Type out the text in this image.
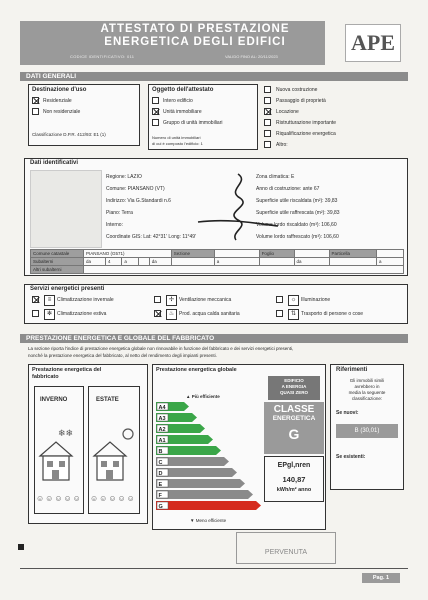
ATTESTATO DI PRESTAZIONE
ENERGETICA DEGLI EDIFICI
CODICE IDENTIFICATIVO: 011	VALIDO FINO AL: 20/11/2023
APE
DATI GENERALI
Destinazione d'uso
Residenziale
Non residenziale
Classificazione D.P.R. 412/93: E1 (1)
Oggetto dell'attestato
Intero edificio
Unità immobiliare
Gruppo di unità immobiliari
Numero di unità immobiliari
di cui è composto l'edificio: 1
Nuova costruzione
Passaggio di proprietà
Locazione
Ristrutturazione importante
Riqualificazione energetica
Altro:
Dati identificativi
Regione: LAZIO
Comune: PIANSANO (VT)
Indirizzo: Via G.Standardi n.6
Piano: Terra
Interno:
Coordinate GIS: Lat: 42°31' Long: 11°49'
Zona climatica: E
Anno di costruzione: ante 67
Superficie utile riscaldata (m²): 39,83
Superficie utile raffrescata (m²): 39,83
Volume lordo riscaldato (m³): 106,60
Volume lordo raffrescato (m³): 106,60
Comune catastale	PIANSANO (G571)					Sezione		Foglio		Particella	
Subalterni	da	4	a		da		a		da		a
Altri subalterni											
Servizi energetici presenti
≡	Climatizzazione invernale
✻ Climatizzazione estiva
✢ Ventilazione meccanica
♨ Prod. acqua calda sanitaria
☼ Illuminazione
⇅ Trasporto di persone o cose
PRESTAZIONE ENERGETICA E GLOBALE DEL FABBRICATO
La sezione riporta l'indice di prestazione energetica globale non rinnovabile in funzione del fabbricato e dei servizi energetici presenti,
nonché la prestazione energetica del fabbricato, al netto del rendimento degli impianti presenti.
Prestazione energetica del
fabbricato
INVERNO	ESTATE
❄❄
☺☺☺☺☺ ☺☺☺☺☺
Prestazione energetica globale
▲ Più efficiente
A4
A3
A2
A1
B
C
D
E
F
G
▼ Meno efficiente
EDIFICIO
A ENERGIA
QUASI ZERO
CLASSE
ENERGETICA
G
EPgl,nren
140,87
kWh/m² anno
Riferimenti
Gli immobili simili
avrebbero in
media la seguente
classificazione:
Se nuovi:
B (30,01)
Se esistenti:
PERVENUTA
Pag. 1
